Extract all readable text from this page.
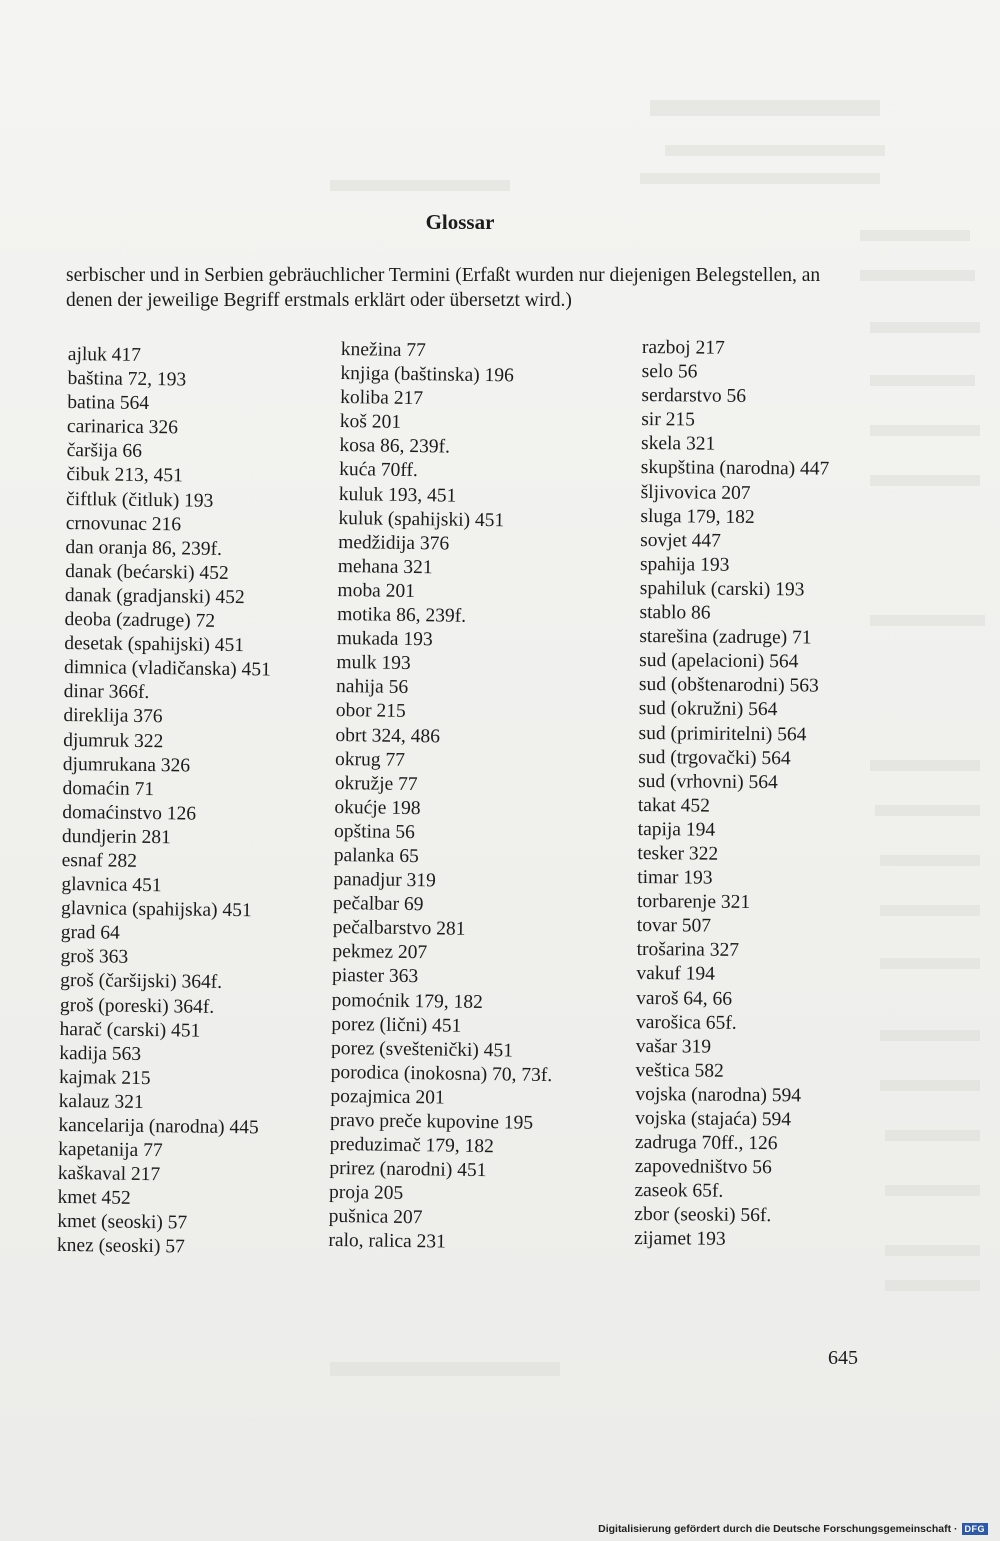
Glossar
serbischer und in Serbien gebräuchlicher Termini (Erfaßt wurden nur diejenigen Belegstellen, an denen der jeweilige Begriff erstmals erklärt oder übersetzt wird.)
ajluk 417
baština 72, 193
batina 564
carinarica 326
čaršija 66
čibuk 213, 451
čiftluk (čitluk) 193
crnovunac 216
dan oranja 86, 239f.
danak (bećarski) 452
danak (gradjanski) 452
deoba (zadruge) 72
desetak (spahijski) 451
dimnica (vladičanska) 451
dinar 366f.
direklija 376
djumruk 322
djumrukana 326
domaćin 71
domaćinstvo 126
dundjerin 281
esnaf 282
glavnica 451
glavnica (spahijska) 451
grad 64
groš 363
groš (čaršijski) 364f.
groš (poreski) 364f.
harač (carski) 451
kadija 563
kajmak 215
kalauz 321
kancelarija (narodna) 445
kapetanija 77
kaškaval 217
kmet 452
kmet (seoski) 57
knez (seoski) 57
knežina 77
knjiga (baštinska) 196
koliba 217
koš 201
kosa 86, 239f.
kuća 70ff.
kuluk 193, 451
kuluk (spahijski) 451
medžidija 376
mehana 321
moba 201
motika 86, 239f.
mukada 193
mulk 193
nahija 56
obor 215
obrt 324, 486
okrug 77
okružje 77
okućje 198
opština 56
palanka 65
panadjur 319
pečalbar 69
pečalbarstvo 281
pekmez 207
piaster 363
pomoćnik 179, 182
porez (lični) 451
porez (sveštenički) 451
porodica (inokosna) 70, 73f.
pozajmica 201
pravo preče kupovine 195
preduzimač 179, 182
prirez (narodni) 451
proja 205
pušnica 207
ralo, ralica 231
razboj 217
selo 56
serdarstvo 56
sir 215
skela 321
skupština (narodna) 447
šljivovica 207
sluga 179, 182
sovjet 447
spahija 193
spahiluk (carski) 193
stablo 86
starešina (zadruge) 71
sud (apelacioni) 564
sud (obštenarodni) 563
sud (okružni) 564
sud (primiritelni) 564
sud (trgovački) 564
sud (vrhovni) 564
takat 452
tapija 194
tesker 322
timar 193
torbarenje 321
tovar 507
trošarina 327
vakuf 194
varoš 64, 66
varošica 65f.
vašar 319
veštica 582
vojska (narodna) 594
vojska (stajaća) 594
zadruga 70ff., 126
zapovedništvo 56
zaseok 65f.
zbor (seoski) 56f.
zijamet 193
645
Digitalisierung gefördert durch die Deutsche Forschungsgemeinschaft · DFG
